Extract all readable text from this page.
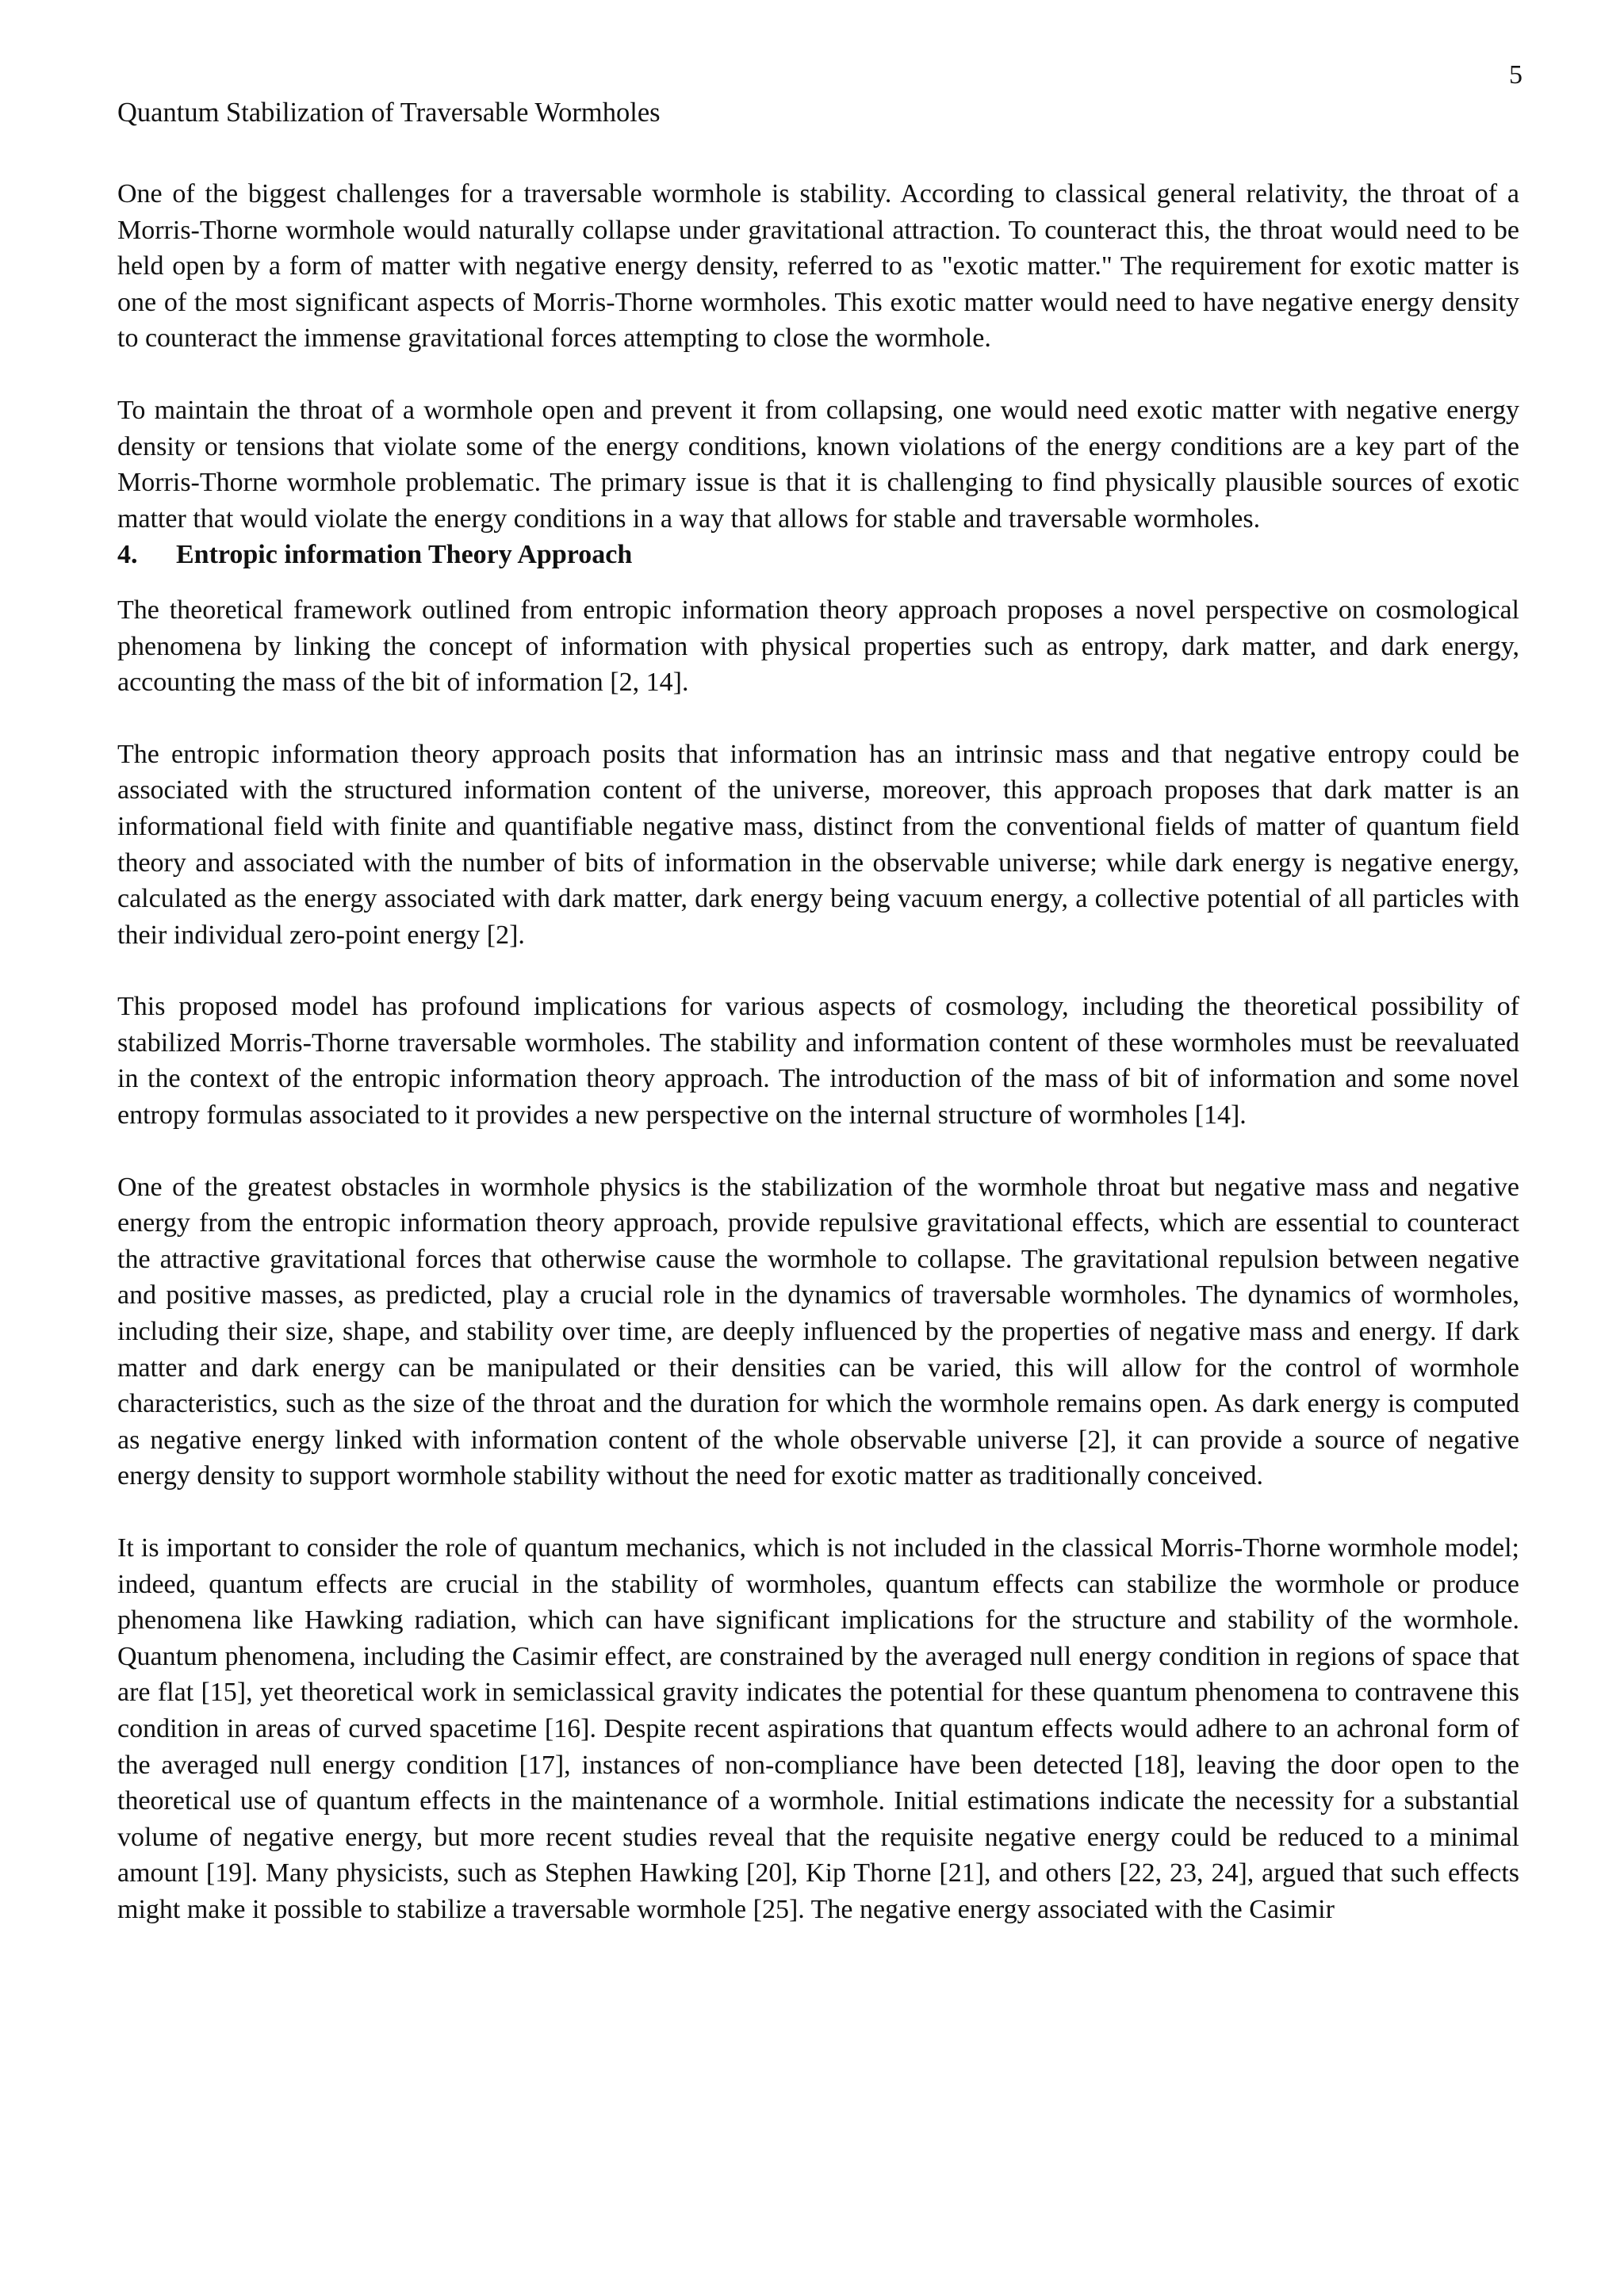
5
Quantum Stabilization of Traversable Wormholes

One of the biggest challenges for a traversable wormhole is stability. According to classical general relativity, the throat of a Morris-Thorne wormhole would naturally collapse under gravitational attraction. To counteract this, the throat would need to be held open by a form of matter with negative energy density, referred to as "exotic matter." The requirement for exotic matter is one of the most significant aspects of Morris-Thorne wormholes. This exotic matter would need to have negative energy density to counteract the immense gravitational forces attempting to close the wormhole.

To maintain the throat of a wormhole open and prevent it from collapsing, one would need exotic matter with negative energy density or tensions that violate some of the energy conditions, known violations of the energy conditions are a key part of the Morris-Thorne wormhole problematic. The primary issue is that it is challenging to find physically plausible sources of exotic matter that would violate the energy conditions in a way that allows for stable and traversable wormholes.

4. Entropic information Theory Approach

The theoretical framework outlined from entropic information theory approach proposes a novel perspective on cosmological phenomena by linking the concept of information with physical properties such as entropy, dark matter, and dark energy, accounting the mass of the bit of information [2, 14].

The entropic information theory approach posits that information has an intrinsic mass and that negative entropy could be associated with the structured information content of the universe, moreover, this approach proposes that dark matter is an informational field with finite and quantifiable negative mass, distinct from the conventional fields of matter of quantum field theory and associated with the number of bits of information in the observable universe; while dark energy is negative energy, calculated as the energy associated with dark matter, dark energy being vacuum energy, a collective potential of all particles with their individual zero-point energy [2].

This proposed model has profound implications for various aspects of cosmology, including the theoretical possibility of stabilized Morris-Thorne traversable wormholes. The stability and information content of these wormholes must be reevaluated in the context of the entropic information theory approach. The introduction of the mass of bit of information and some novel entropy formulas associated to it provides a new perspective on the internal structure of wormholes [14].

One of the greatest obstacles in wormhole physics is the stabilization of the wormhole throat but negative mass and negative energy from the entropic information theory approach, provide repulsive gravitational effects, which are essential to counteract the attractive gravitational forces that otherwise cause the wormhole to collapse. The gravitational repulsion between negative and positive masses, as predicted, play a crucial role in the dynamics of traversable wormholes. The dynamics of wormholes, including their size, shape, and stability over time, are deeply influenced by the properties of negative mass and energy. If dark matter and dark energy can be manipulated or their densities can be varied, this will allow for the control of wormhole characteristics, such as the size of the throat and the duration for which the wormhole remains open. As dark energy is computed as negative energy linked with information content of the whole observable universe [2], it can provide a source of negative energy density to support wormhole stability without the need for exotic matter as traditionally conceived.

It is important to consider the role of quantum mechanics, which is not included in the classical Morris-Thorne wormhole model; indeed, quantum effects are crucial in the stability of wormholes, quantum effects can stabilize the wormhole or produce phenomena like Hawking radiation, which can have significant implications for the structure and stability of the wormhole. Quantum phenomena, including the Casimir effect, are constrained by the averaged null energy condition in regions of space that are flat [15], yet theoretical work in semiclassical gravity indicates the potential for these quantum phenomena to contravene this condition in areas of curved spacetime [16]. Despite recent aspirations that quantum effects would adhere to an achronal form of the averaged null energy condition [17], instances of non-compliance have been detected [18], leaving the door open to the theoretical use of quantum effects in the maintenance of a wormhole. Initial estimations indicate the necessity for a substantial volume of negative energy, but more recent studies reveal that the requisite negative energy could be reduced to a minimal amount [19]. Many physicists, such as Stephen Hawking [20], Kip Thorne [21], and others [22, 23, 24], argued that such effects might make it possible to stabilize a traversable wormhole [25]. The negative energy associated with the Casimir
